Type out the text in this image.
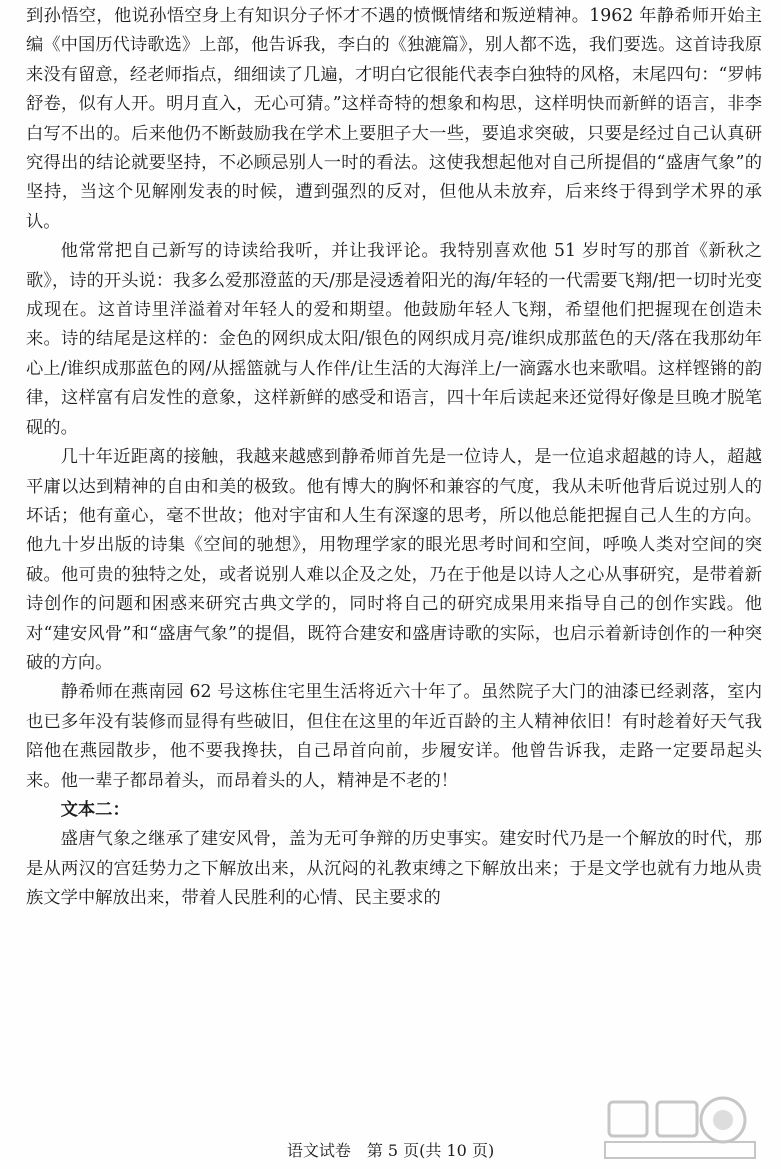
到孙悟空，他说孙悟空身上有知识分子怀才不遇的愤慨情绪和叛逆精神。1962 年静希师开始主编《中国历代诗歌选》上部，他告诉我，李白的《独漉篇》，别人都不选，我们要选。这首诗我原来没有留意，经老师指点，细细读了几遍，才明白它很能代表李白独特的风格，末尾四句：“罗帏舒卷，似有人开。明月直入，无心可猜。”这样奇特的想象和构思，这样明快而新鲜的语言，非李白写不出的。后来他仍不断鼓励我在学术上要胆子大一些，要追求突破，只要是经过自己认真研究得出的结论就要坚持，不必顾忌别人一时的看法。这使我想起他对自己所提倡的“盛唐气象”的坚持，当这个见解刚发表的时候，遭到强烈的反对，但他从未放弃，后来终于得到学术界的承认。

他常常把自己新写的诗读给我听，并让我评论。我特别喜欢他 51 岁时写的那首《新秋之歌》，诗的开头说：我多么爱那澄蓝的天/那是浸透着阳光的海/年轻的一代需要飞翔/把一切时光变成现在。这首诗里洋溢着对年轻人的爱和期望。他鼓励年轻人飞翔，希望他们把握现在创造未来。诗的结尾是这样的：金色的网织成太阳/银色的网织成月亮/谁织成那蓝色的天/落在我那幼年心上/谁织成那蓝色的网/从摇篮就与人作伴/让生活的大海洋上/一滴露水也来歌唱。这样铿锵的韵律，这样富有启发性的意象，这样新鲜的感受和语言，四十年后读起来还觉得好像是旦晚才脱笔砚的。

几十年近距离的接触，我越来越感到静希师首先是一位诗人，是一位追求超越的诗人，超越平庸以达到精神的自由和美的极致。他有博大的胸怀和兼容的气度，我从未听他背后说过别人的坏话；他有童心，毫不世故；他对宇宙和人生有深邃的思考，所以他总能把握自己人生的方向。他九十岁出版的诗集《空间的驰想》，用物理学家的眼光思考时间和空间，呼唤人类对空间的突破。他可贵的独特之处，或者说别人难以企及之处，乃在于他是以诗人之心从事研究，是带着新诗创作的问题和困惑来研究古典文学的，同时将自己的研究成果用来指导自己的创作实践。他对“建安风骨”和“盛唐气象”的提倡，既符合建安和盛唐诗歌的实际，也启示着新诗创作的一种突破的方向。

静希师在燕南园 62 号这栋住宅里生活将近六十年了。虽然院子大门的油漆已经剥落，室内也已多年没有装修而显得有些破旧，但住在这里的年近百龄的主人精神依旧！有时趁着好天气我陪他在燕园散步，他不要我搀扶，自己昂首向前，步履安详。他曾告诉我，走路一定要昂起头来。他一辈子都昂着头，而昂着头的人，精神是不老的！

文本二：

盛唐气象之继承了建安风骨，盖为无可争辩的历史事实。建安时代乃是一个解放的时代，那是从两汉的宫廷势力之下解放出来，从沉闷的礼教束缚之下解放出来；于是文学也就有力地从贵族文学中解放出来，带着人民胜利的心情、民主要求的

语文试卷　第 5 页(共 10 页)
